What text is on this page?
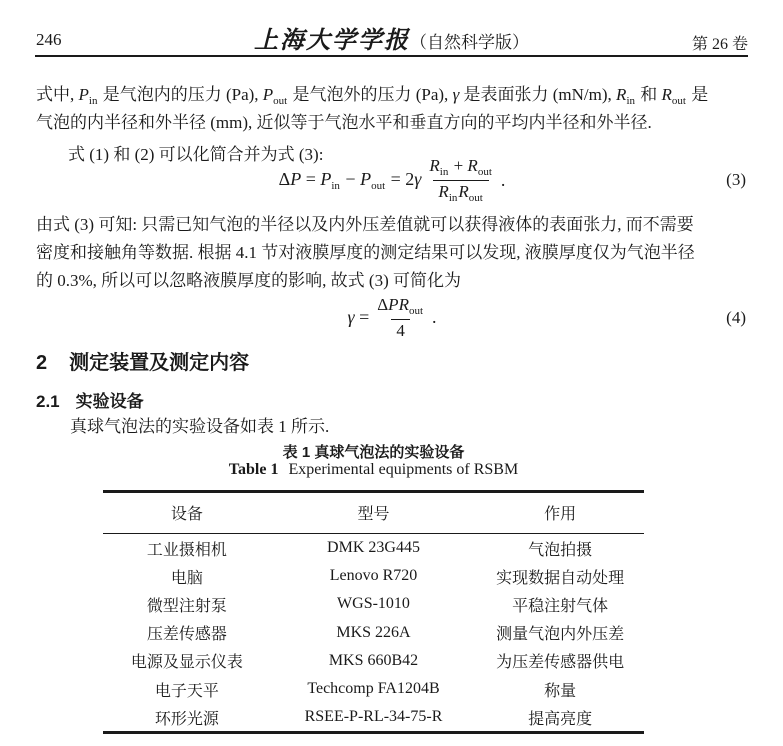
246	上海大学学报（自然科学版）	第 26 卷
式中, $P_{in}$ 是气泡内的压力 (Pa), $P_{out}$ 是气泡外的压力 (Pa), γ 是表面张力 (mN/m), $R_{in}$ 和 $R_{out}$ 是
气泡的内半径和外半径 (mm), 近似等于气泡水平和垂直方向的平均内半径和外半径.
式 (1) 和 (2) 可以化简合并为式 (3):
$\Delta P = P_{in} - P_{out} = 2\gamma \frac{R_{in} + R_{out}}{R_{in}R_{out}}$ .	(3)
由式 (3) 可知: 只需已知气泡的半径以及内外压差值就可以获得液体的表面张力, 而不需要
密度和接触角等数据. 根据 4.1 节对液膜厚度的测定结果可以发现, 液膜厚度仅为气泡半径
的 0.3%, 所以可以忽略液膜厚度的影响, 故式 (3) 可简化为
$\gamma = \frac{\Delta PR_{out}}{4}$ .	(4)
2 测定装置及测定内容
2.1 实验设备
真球气泡法的实验设备如表 1 所示.
表 1 真球气泡法的实验设备
Table 1 Experimental equipments of RSBM
设备	型号	作用
工业摄相机	DMK 23G445	气泡拍摄
电脑	Lenovo R720	实现数据自动处理
微型注射泵	WGS-1010	平稳注射气体
压差传感器	MKS 226A	测量气泡内外压差
电源及显示仪表	MKS 660B42	为压差传感器供电
电子天平	Techcomp FA1204B	称量
环形光源	RSEE-P-RL-34-75-R	提高亮度
